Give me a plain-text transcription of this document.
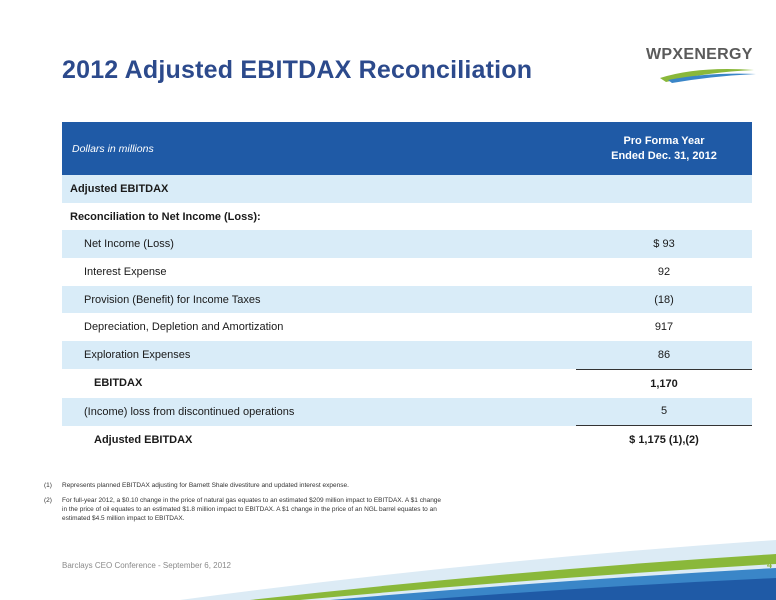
2012 Adjusted EBITDAX Reconciliation
WPXENERGY
Dollars in millions	Pro Forma Year
Ended Dec. 31, 2012

Adjusted EBITDAX	
Reconciliation to Net Income (Loss):	
Net Income (Loss)	$ 93
Interest Expense	92
Provision (Benefit) for Income Taxes	(18)
Depreciation, Depletion and Amortization	917
Exploration Expenses	86
EBITDAX	1,170
(Income) loss from discontinued operations	5
Adjusted EBITDAX	$ 1,175 (1),(2)
(1)	Represents planned EBITDAX adjusting for Barnett Shale divestiture and updated interest expense.
(2)	For full-year 2012, a $0.10 change in the price of natural gas equates to an estimated $209 million impact to EBITDAX. A $1 change in the price of oil equates to an estimated $1.8 million impact to EBITDAX. A $1 change in the price of an NGL barrel equates to an estimated $4.5 million impact to EBITDAX.
Barclays CEO Conference - September 6, 2012	4
